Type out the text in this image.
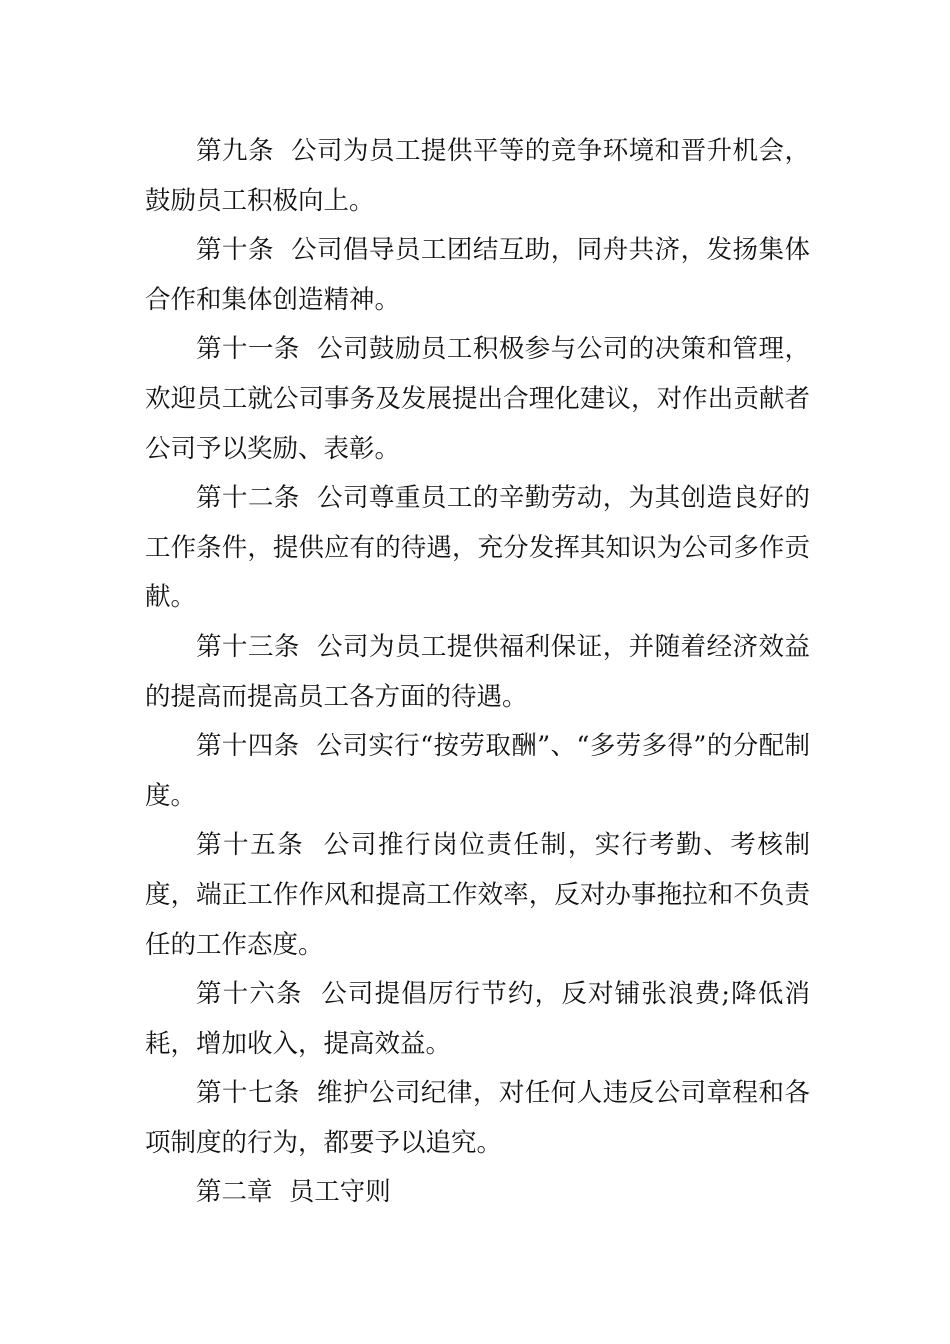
第九条  公司为员工提供平等的竞争环境和晋升机会，鼓励员工积极向上。

第十条  公司倡导员工团结互助，同舟共济，发扬集体合作和集体创造精神。

第十一条  公司鼓励员工积极参与公司的决策和管理，欢迎员工就公司事务及发展提出合理化建议，对作出贡献者公司予以奖励、表彰。

第十二条  公司尊重员工的辛勤劳动，为其创造良好的工作条件，提供应有的待遇，充分发挥其知识为公司多作贡献。

第十三条  公司为员工提供福利保证，并随着经济效益的提高而提高员工各方面的待遇。

第十四条  公司实行“按劳取酬”、“多劳多得”的分配制度。

第十五条  公司推行岗位责任制，实行考勤、考核制度，端正工作作风和提高工作效率，反对办事拖拉和不负责任的工作态度。

第十六条  公司提倡厉行节约，反对铺张浪费;降低消耗，增加收入，提高效益。

第十七条  维护公司纪律，对任何人违反公司章程和各项制度的行为，都要予以追究。

第二章  员工守则
